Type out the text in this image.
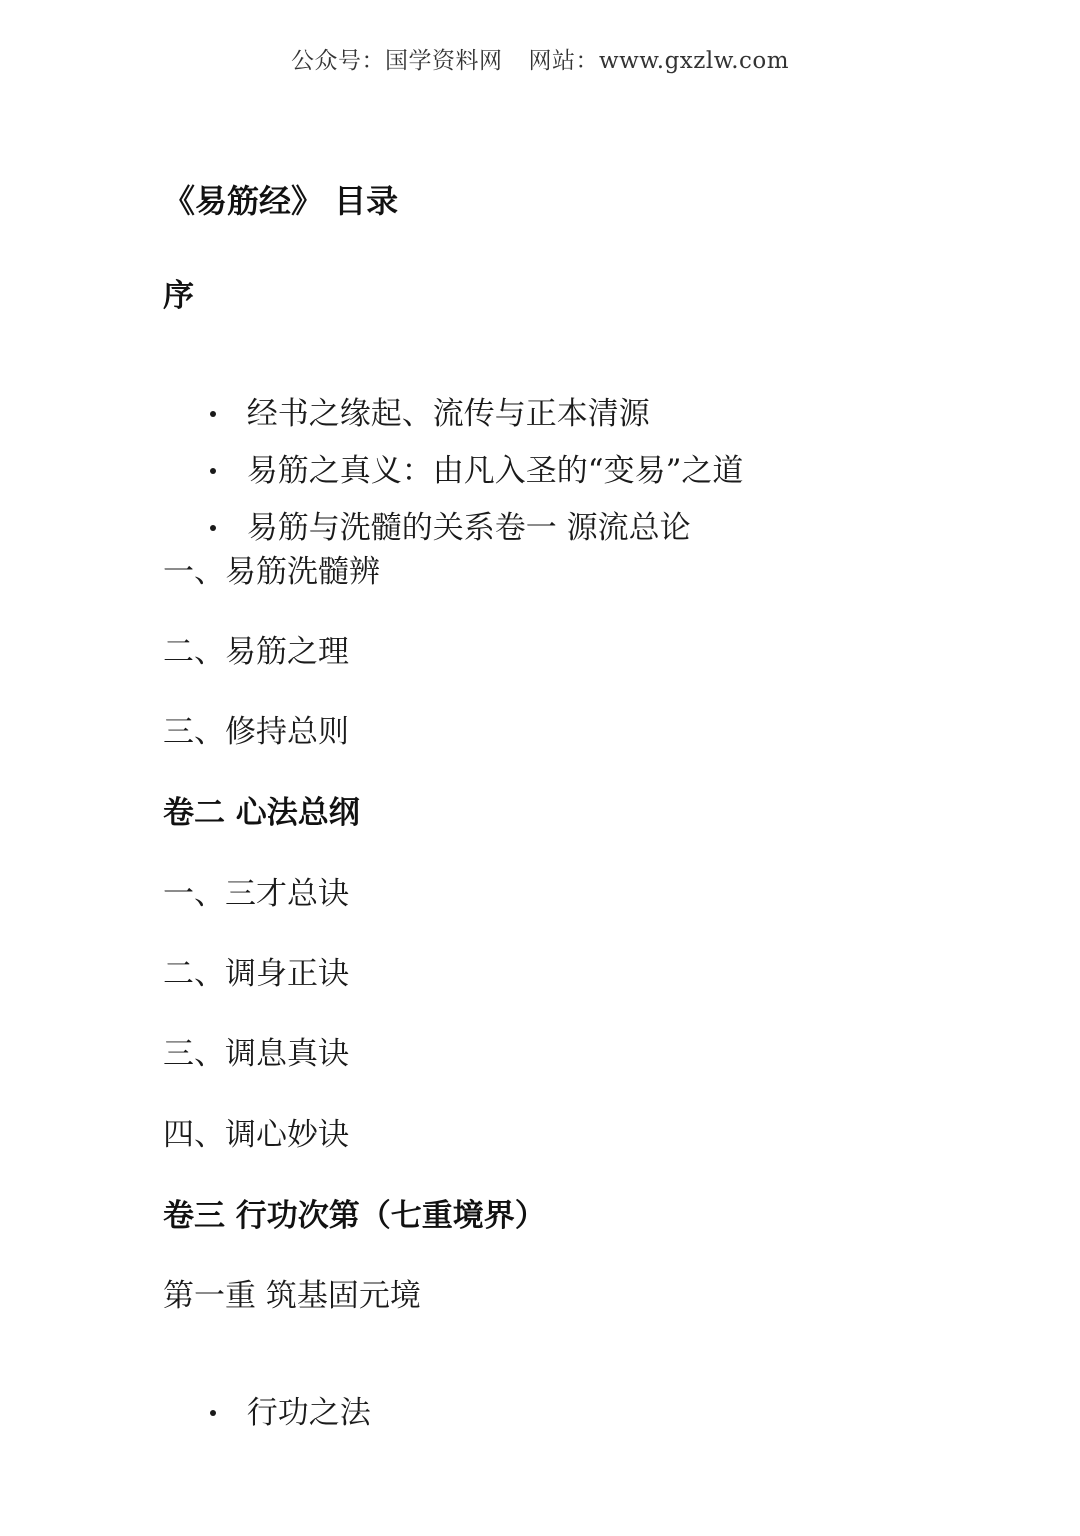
公众号：国学资料网 网站：www.gxzlw.com
《易筋经》 目录
序

经书之缘起、流传与正本清源

易筋之真义：由凡入圣的“变易”之道

易筋与洗髓的关系卷一 源流总论

一、易筋洗髓辨
二、易筋之理
三、修持总则
卷二 心法总纲
一、三才总诀
二、调身正诀
三、调息真诀
四、调心妙诀
卷三 行功次第（七重境界）
第一重 筑基固元境

行功之法
